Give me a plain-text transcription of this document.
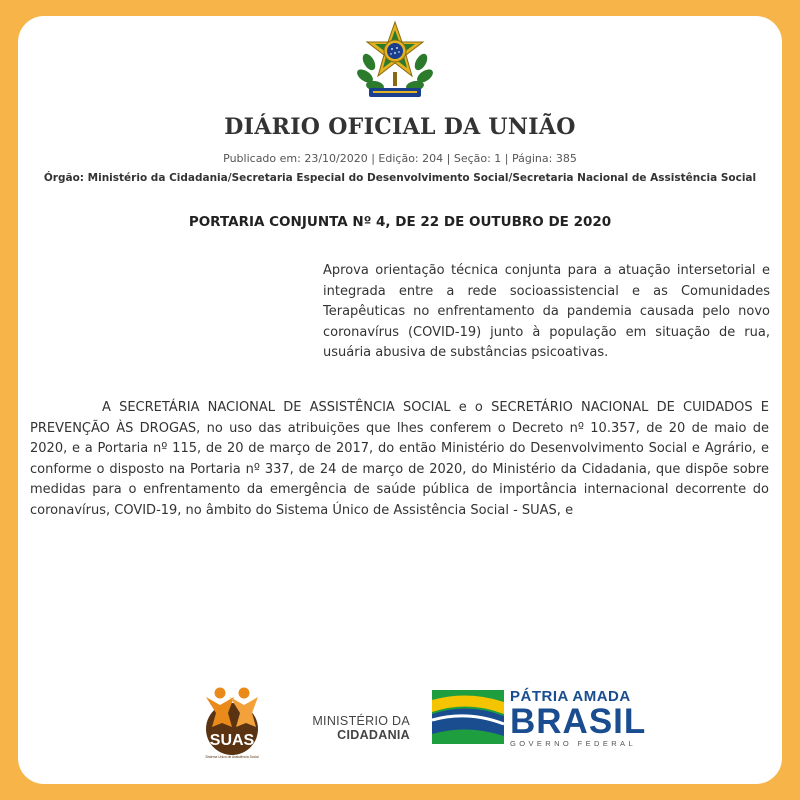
DIÁRIO OFICIAL DA UNIÃO
Publicado em: 23/10/2020 | Edição: 204 | Seção: 1 | Página: 385
Órgão: Ministério da Cidadania/Secretaria Especial do Desenvolvimento Social/Secretaria Nacional de Assistência Social
PORTARIA CONJUNTA Nº 4, DE 22 DE OUTUBRO DE 2020

Aprova orientação técnica conjunta para a atuação intersetorial e integrada entre a rede socioassistencial e as Comunidades Terapêuticas no enfrentamento da pandemia causada pelo novo coronavírus (COVID-19) junto à população em situação de rua, usuária abusiva de substâncias psicoativas.

A SECRETÁRIA NACIONAL DE ASSISTÊNCIA SOCIAL e o SECRETÁRIO NACIONAL DE CUIDADOS E PREVENÇÃO ÀS DROGAS, no uso das atribuições que lhes conferem o Decreto nº 10.357, de 20 de maio de 2020, e a Portaria nº 115, de 20 de março de 2017, do então Ministério do Desenvolvimento Social e Agrário, e conforme o disposto na Portaria nº 337, de 24 de março de 2020, do Ministério da Cidadania, que dispõe sobre medidas para o enfrentamento da emergência de saúde pública de importância internacional decorrente do coronavírus, COVID-19, no âmbito do Sistema Único de Assistência Social - SUAS, e

SUAS
Sistema Único de Assistência Social
MINISTÉRIO DA
CIDADANIA
PÁTRIA AMADA
BRASIL
GOVERNO FEDERAL
